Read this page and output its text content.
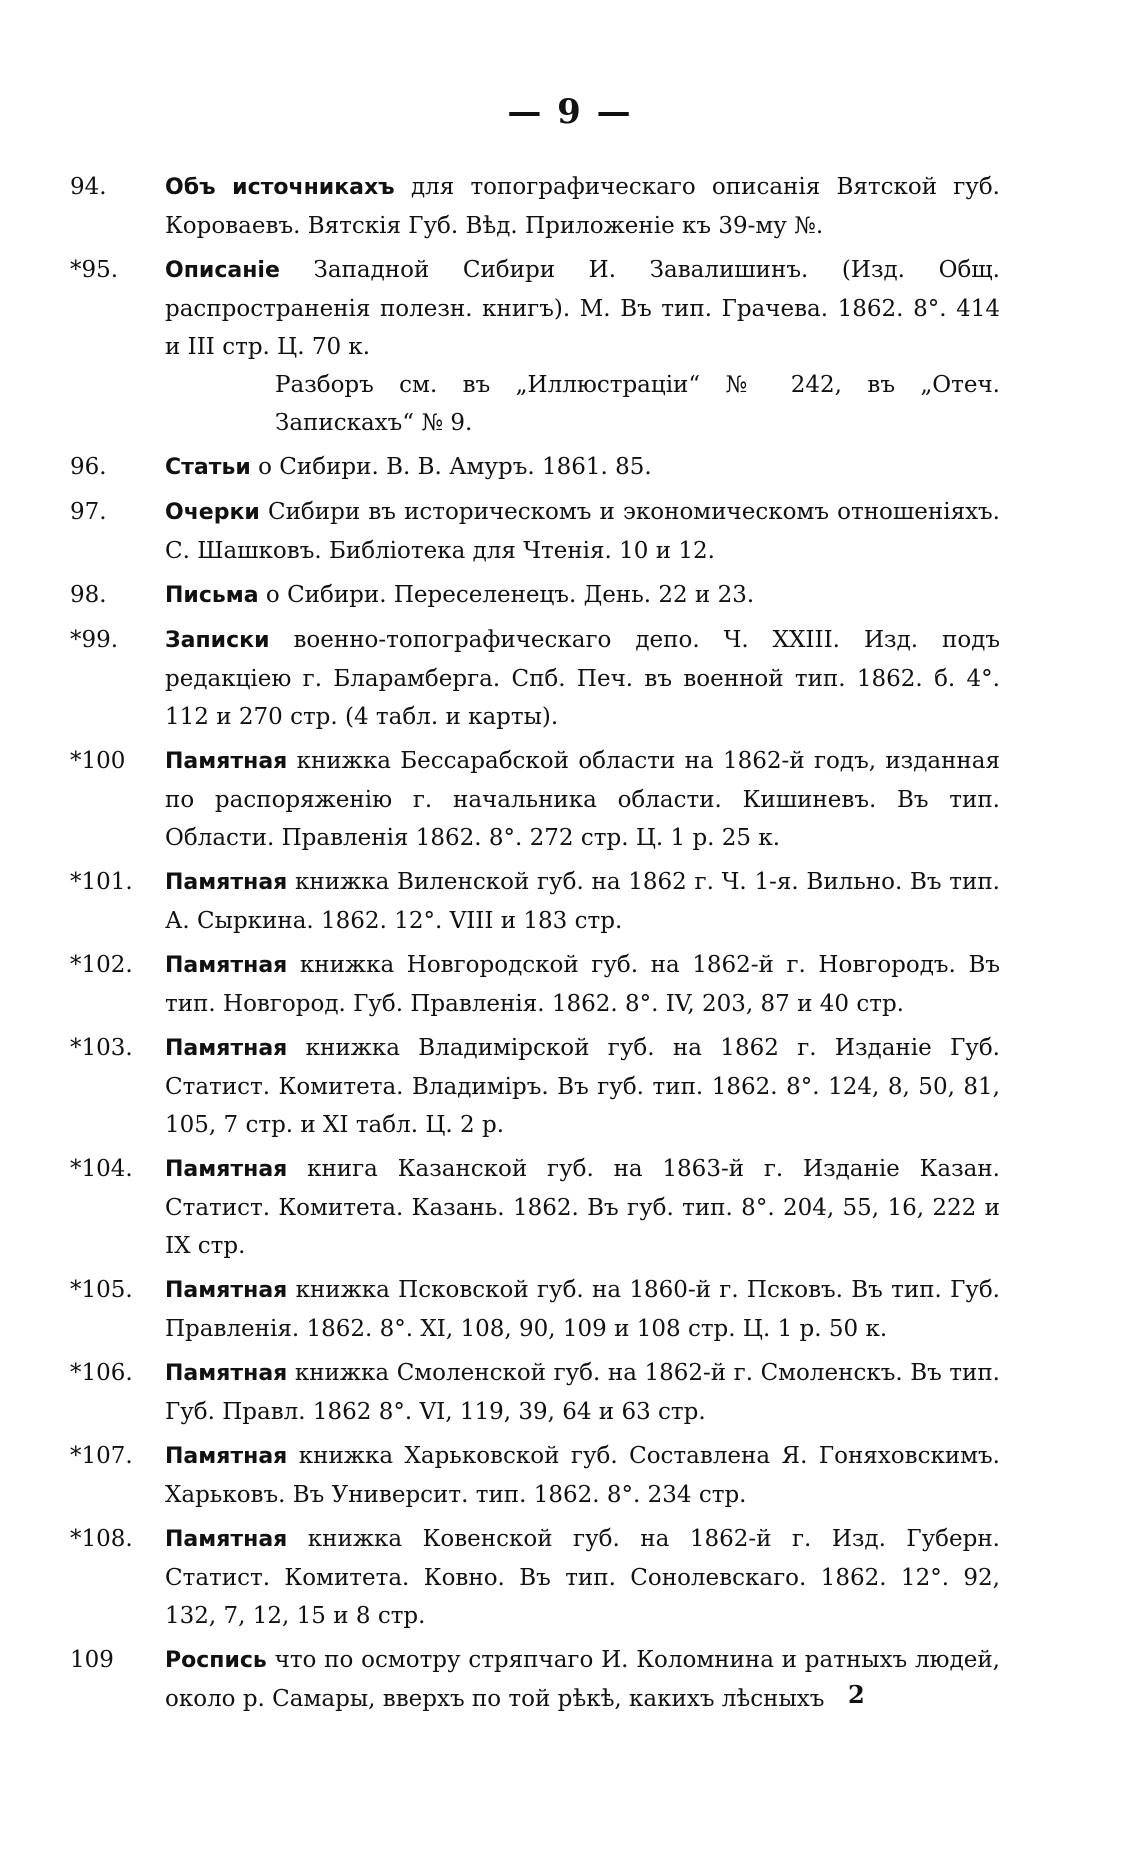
— 9 —
94.	Объ источникахъ для топографическаго описанія Вятской губ. Короваевъ. Вятскія Губ. Вѣд. Приложеніе къ 39-му №.
*95.	Описаніе Западной Сибири И. Завалишинъ. (Изд. Общ. распространенія полезн. книгъ). М. Въ тип. Грачева. 1862. 8°. 414 и III стр. Ц. 70 к.
Разборъ см. въ „Иллюстраціи“ № 242, въ „Отеч. Запискахъ“ № 9.
96.	Статьи о Сибири. В. В. Амуръ. 1861. 85.
97.	Очерки Сибири въ историческомъ и экономическомъ отношеніяхъ. С. Шашковъ. Библіотека для Чтенія. 10 и 12.
98.	Письма о Сибири. Переселенецъ. День. 22 и 23.
*99.	Записки военно-топографическаго депо. Ч. XXIII. Изд. подъ редакціею г. Бларамберга. Спб. Печ. въ военной тип. 1862. б. 4°. 112 и 270 стр. (4 табл. и карты).
*100	Памятная книжка Бессарабской области на 1862-й годъ, изданная по распоряженію г. начальника области. Кишиневъ. Въ тип. Области. Правленія 1862. 8°. 272 стр. Ц. 1 р. 25 к.
*101.	Памятная книжка Виленской губ. на 1862 г. Ч. 1-я. Вильно. Въ тип. А. Сыркина. 1862. 12°. VIII и 183 стр.
*102.	Памятная книжка Новгородской губ. на 1862-й г. Новгородъ. Въ тип. Новгород. Губ. Правленія. 1862. 8°. IV, 203, 87 и 40 стр.
*103.	Памятная книжка Владимірской губ. на 1862 г. Изданіе Губ. Статист. Комитета. Владиміръ. Въ губ. тип. 1862. 8°. 124, 8, 50, 81, 105, 7 стр. и XI табл. Ц. 2 р.
*104.	Памятная книга Казанской губ. на 1863-й г. Изданіе Казан. Статист. Комитета. Казань. 1862. Въ губ. тип. 8°. 204, 55, 16, 222 и IX стр.
*105.	Памятная книжка Псковской губ. на 1860-й г. Псковъ. Въ тип. Губ. Правленія. 1862. 8°. XI, 108, 90, 109 и 108 стр. Ц. 1 р. 50 к.
*106.	Памятная книжка Смоленской губ. на 1862-й г. Смоленскъ. Въ тип. Губ. Правл. 1862 8°. VI, 119, 39, 64 и 63 стр.
*107.	Памятная книжка Харьковской губ. Составлена Я. Гоняховскимъ. Харьковъ. Въ Университ. тип. 1862. 8°. 234 стр.
*108.	Памятная книжка Ковенской губ. на 1862-й г. Изд. Губерн. Статист. Комитета. Ковно. Въ тип. Сонолевскаго. 1862. 12°. 92, 132, 7, 12, 15 и 8 стр.
109	Роспись что по осмотру стряпчаго И. Коломнина и ратныхъ людей, около р. Самары, вверхъ по той рѣкѣ, какихъ лѣсныхъ 2
